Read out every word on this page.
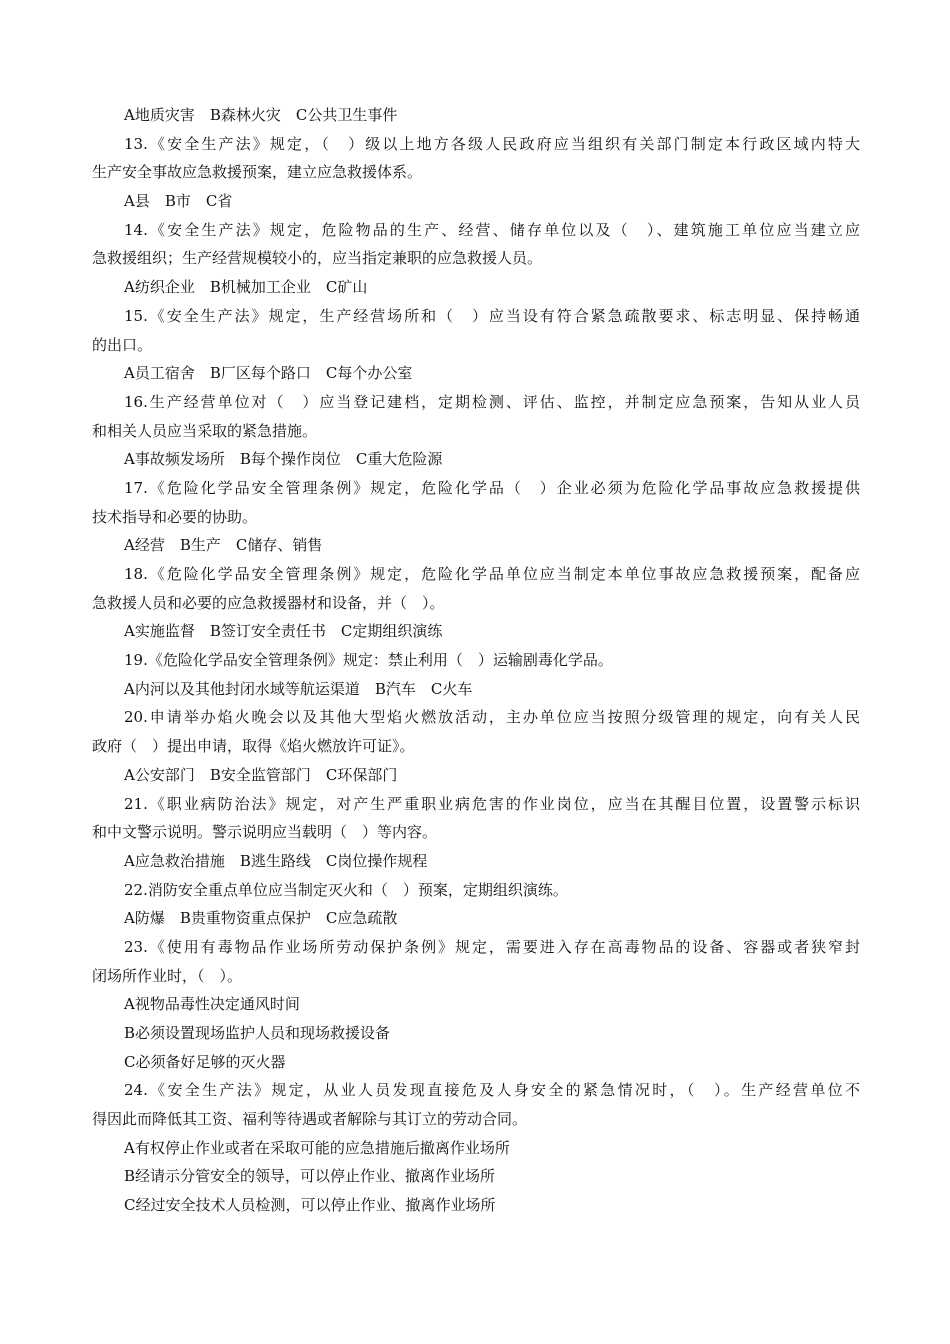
A地质灾害　B森林火灾　C公共卫生事件
13.《安全生产法》规定，（　）级以上地方各级人民政府应当组织有关部门制定本行政区域内特大
生产安全事故应急救援预案，建立应急救援体系。
A县　B市　C省
14.《安全生产法》规定，危险物品的生产、经营、储存单位以及（　）、建筑施工单位应当建立应
急救援组织；生产经营规模较小的，应当指定兼职的应急救援人员。
A纺织企业　B机械加工企业　C矿山
15.《安全生产法》规定，生产经营场所和（　）应当设有符合紧急疏散要求、标志明显、保持畅通
的出口。
A员工宿舍　B厂区每个路口　C每个办公室
16.生产经营单位对（　）应当登记建档，定期检测、评估、监控，并制定应急预案，告知从业人员
和相关人员应当采取的紧急措施。
A事故频发场所　B每个操作岗位　C重大危险源
17.《危险化学品安全管理条例》规定，危险化学品（　）企业必须为危险化学品事故应急救援提供
技术指导和必要的协助。
A经营　B生产　C储存、销售
18.《危险化学品安全管理条例》规定，危险化学品单位应当制定本单位事故应急救援预案，配备应
急救援人员和必要的应急救援器材和设备，并（　）。
A实施监督　B签订安全责任书　C定期组织演练
19.《危险化学品安全管理条例》规定：禁止利用（　）运输剧毒化学品。
A内河以及其他封闭水域等航运渠道　B汽车　C火车
20.申请举办焰火晚会以及其他大型焰火燃放活动，主办单位应当按照分级管理的规定，向有关人民
政府（　）提出申请，取得《焰火燃放许可证》。
A公安部门　B安全监管部门　C环保部门
21.《职业病防治法》规定，对产生严重职业病危害的作业岗位，应当在其醒目位置，设置警示标识
和中文警示说明。警示说明应当载明（　）等内容。
A应急救治措施　B逃生路线　C岗位操作规程
22.消防安全重点单位应当制定灭火和（　）预案，定期组织演练。
A防爆　B贵重物资重点保护　C应急疏散
23.《使用有毒物品作业场所劳动保护条例》规定，需要进入存在高毒物品的设备、容器或者狭窄封
闭场所作业时，（　）。
A视物品毒性决定通风时间
B必须设置现场监护人员和现场救援设备
C必须备好足够的灭火器
24.《安全生产法》规定，从业人员发现直接危及人身安全的紧急情况时，（　）。生产经营单位不
得因此而降低其工资、福利等待遇或者解除与其订立的劳动合同。
A有权停止作业或者在采取可能的应急措施后撤离作业场所
B经请示分管安全的领导，可以停止作业、撤离作业场所
C经过安全技术人员检测，可以停止作业、撤离作业场所
